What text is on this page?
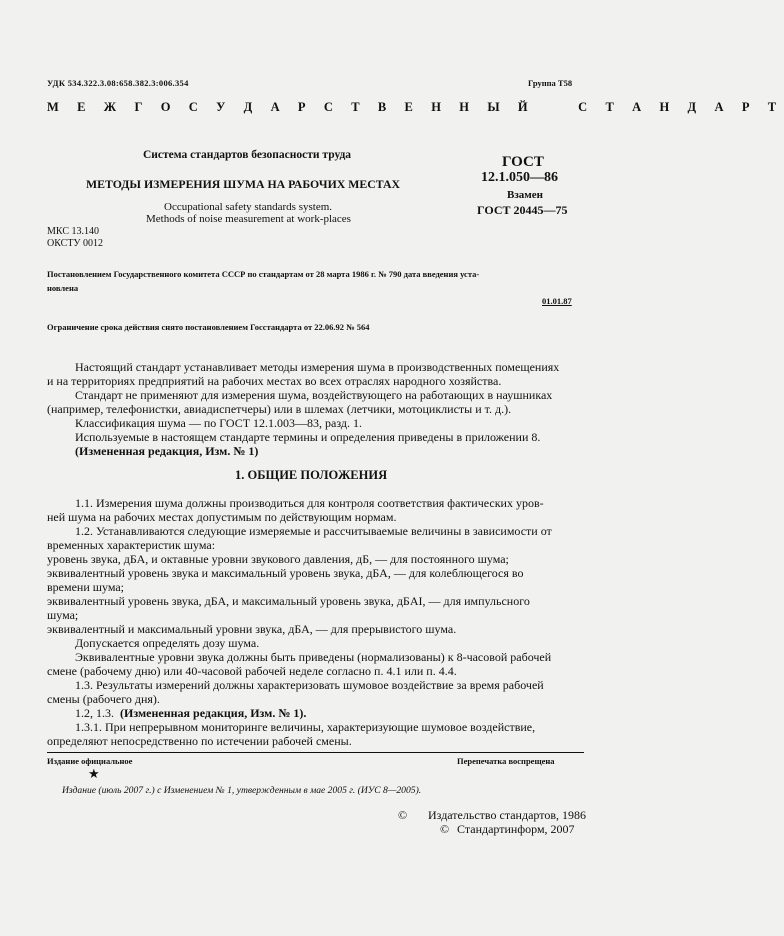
УДК 534.322.3.08:658.382.3:006.354	Группа Т58
М Е Ж Г О С У Д А Р С Т В Е Н Н Ы Й    С Т А Н Д А Р Т
Система стандартов безопасности труда
МЕТОДЫ ИЗМЕРЕНИЯ ШУМА НА РАБОЧИХ МЕСТАХ
Occupational safety standards system.
Methods of noise measurement at work-places
ГОСТ
12.1.050—86
Взамен
ГОСТ 20445—75
МКС 13.140
ОКСТУ 0012
Постановлением Государственного комитета СССР по стандартам от 28 марта 1986 г. № 790 дата введения уста-
новлена
01.01.87
Ограничение срока действия снято постановлением Госстандарта от 22.06.92 № 564
Настоящий стандарт устанавливает методы измерения шума в производственных помещениях
и на территориях предприятий на рабочих местах во всех отраслях народного хозяйства.
Стандарт не применяют для измерения шума, воздействующего на работающих в наушниках
(например, телефонистки, авиадиспетчеры) или в шлемах (летчики, мотоциклисты и т. д.).
Классификация шума — по ГОСТ 12.1.003—83, разд. 1.
Используемые в настоящем стандарте термины и определения приведены в приложении 8.
(Измененная редакция, Изм. № 1)
1. ОБЩИЕ ПОЛОЖЕНИЯ
1.1. Измерения шума должны производиться для контроля соответствия фактических уров-
ней шума на рабочих местах допустимым по действующим нормам.
1.2. Устанавливаются следующие измеряемые и рассчитываемые величины в зависимости от
временных характеристик шума:
уровень звука, дБА, и октавные уровни звукового давления, дБ, — для постоянного шума;
эквивалентный уровень звука и максимальный уровень звука, дБА, — для колеблющегося во
времени шума;
эквивалентный уровень звука, дБА, и максимальный уровень звука, дБAI, — для импульсного
шума;
эквивалентный и максимальный уровни звука, дБА, — для прерывистого шума.
Допускается определять дозу шума.
Эквивалентные уровни звука должны быть приведены (нормализованы) к 8-часовой рабочей
смене (рабочему дню) или 40-часовой рабочей неделе согласно п. 4.1 или п. 4.4.
1.3. Результаты измерений должны характеризовать шумовое воздействие за время рабочей
смены (рабочего дня).
1.2, 1.3.  (Измененная редакция, Изм. № 1).
1.3.1. При непрерывном мониторинге величины, характеризующие шумовое воздействие,
определяют непосредственно по истечении рабочей смены.
Издание официальное	Перепечатка воспрещена
★
Издание (июль 2007 г.) с Изменением № 1, утвержденным в мае 2005 г. (ИУС 8—2005).
© Издательство стандартов, 1986
© Стандартинформ, 2007
